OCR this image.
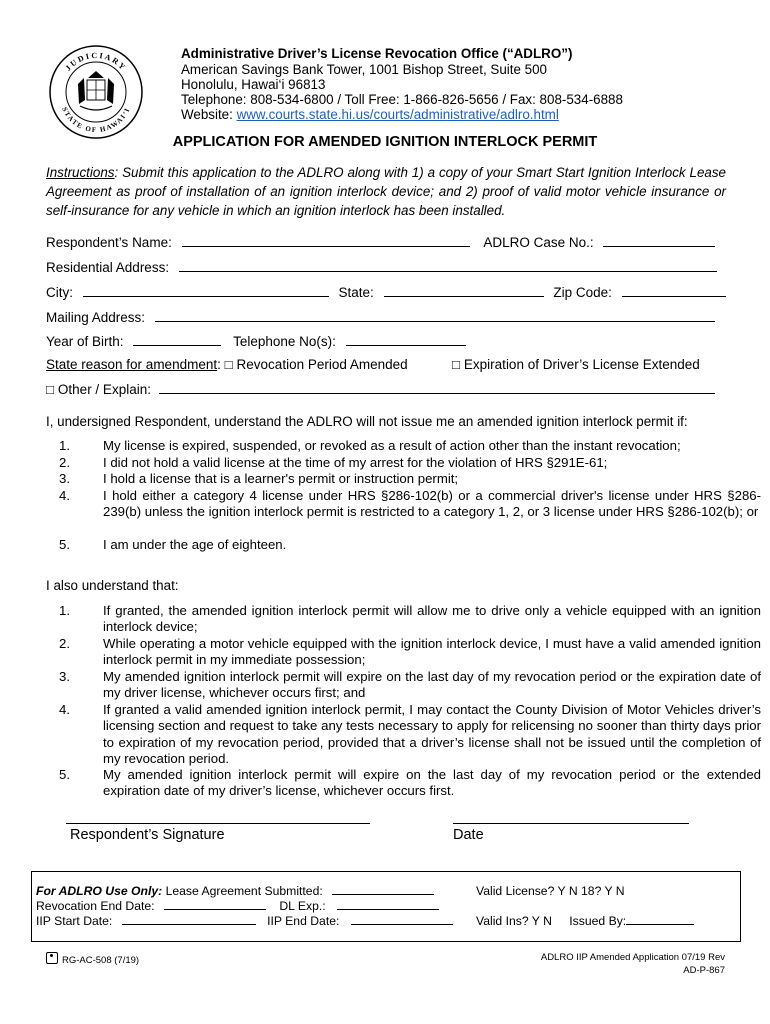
JUDICIARY
STATE OF HAWAI‘I
Administrative Driver’s License Revocation Office (“ADLRO”)
American Savings Bank Tower, 1001 Bishop Street, Suite 500
Honolulu, Hawai‘i 96813
Telephone: 808-534-6800 / Toll Free: 1-866-826-5656 / Fax: 808-534-6888
Website: www.courts.state.hi.us/courts/administrative/adlro.html
APPLICATION FOR AMENDED IGNITION INTERLOCK PERMIT
Instructions: Submit this application to the ADLRO along with 1) a copy of your Smart Start Ignition Interlock Lease Agreement as proof of installation of an ignition interlock device; and 2) proof of valid motor vehicle insurance or self-insurance for any vehicle in which an ignition interlock has been installed.
Respondent’s Name:	ADLRO Case No.:
Residential Address:
City:	State:	Zip Code:
Mailing Address:
Year of Birth:	Telephone No(s):
State reason for amendment: □ Revocation Period Amended	□ Expiration of Driver’s License Extended
□ Other / Explain:
I, undersigned Respondent, understand the ADLRO will not issue me an amended ignition interlock permit if:
1.	My license is expired, suspended, or revoked as a result of action other than the instant revocation;
2.	I did not hold a valid license at the time of my arrest for the violation of HRS §291E-61;
3.	I hold a license that is a learner's permit or instruction permit;
4.	I hold either a category 4 license under HRS §286-102(b) or a commercial driver's license under HRS §286-239(b) unless the ignition interlock permit is restricted to a category 1, 2, or 3 license under HRS §286-102(b); or
5.	I am under the age of eighteen.
I also understand that:
1.	If granted, the amended ignition interlock permit will allow me to drive only a vehicle equipped with an ignition interlock device;
2.	While operating a motor vehicle equipped with the ignition interlock device, I must have a valid amended ignition interlock permit in my immediate possession;
3.	My amended ignition interlock permit will expire on the last day of my revocation period or the expiration date of my driver license, whichever occurs first; and
4.	If granted a valid amended ignition interlock permit, I may contact the County Division of Motor Vehicles driver’s licensing section and request to take any tests necessary to apply for relicensing no sooner than thirty days prior to expiration of my revocation period, provided that a driver’s license shall not be issued until the completion of my revocation period.
5.	My amended ignition interlock permit will expire on the last day of my revocation period or the extended expiration date of my driver’s license, whichever occurs first.
Respondent’s Signature	Date
For ADLRO Use Only: Lease Agreement Submitted:	Valid License? Y N 18? Y N
Revocation End Date:	DL Exp.:
IIP Start Date:	IIP End Date:	Valid Ins? Y N Issued By:
RG-AC-508 (7/19)	ADLRO IIP Amended Application 07/19 Rev
AD-P-867
